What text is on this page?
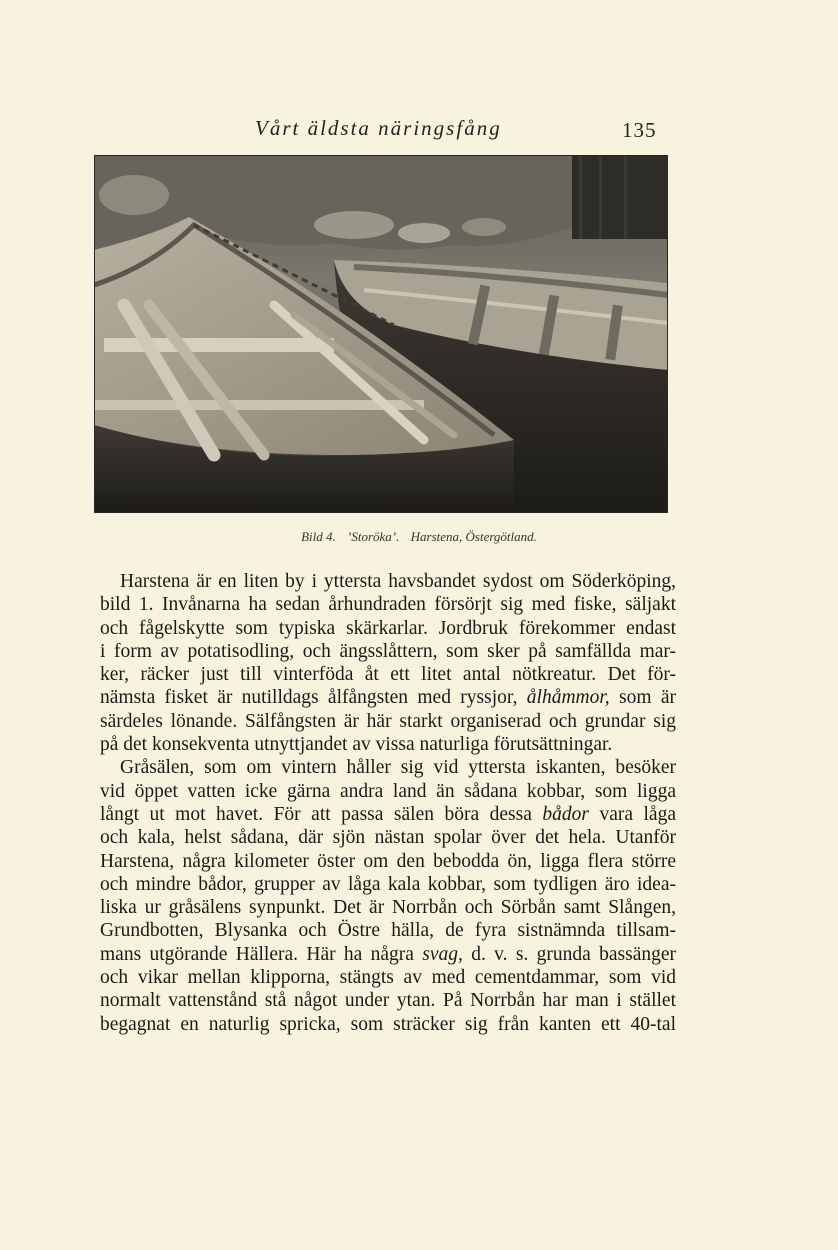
Vårt äldsta näringsfång	135
Bild 4. ’Storöka’. Harstena, Östergötland.

Harstena är en liten by i yttersta havsbandet sydost om Söderköping,

bild 1. Invånarna ha sedan århundraden försörjt sig med fiske, säljakt

och fågelskytte som typiska skärkarlar. Jordbruk förekommer endast

i form av potatisodling, och ängsslåttern, som sker på samfällda mar-

ker, räcker just till vinterföda åt ett litet antal nötkreatur. Det för-

nämsta fisket är nutilldags ålfångsten med ryssjor, ålhåmmor, som är

särdeles lönande. Sälfångsten är här starkt organiserad och grundar sig

på det konsekventa utnyttjandet av vissa naturliga förutsättningar.

Gråsälen, som om vintern håller sig vid yttersta iskanten, besöker

vid öppet vatten icke gärna andra land än sådana kobbar, som ligga

långt ut mot havet. För att passa sälen böra dessa bådor vara låga

och kala, helst sådana, där sjön nästan spolar över det hela. Utanför

Harstena, några kilometer öster om den bebodda ön, ligga flera större

och mindre bådor, grupper av låga kala kobbar, som tydligen äro idea-

liska ur gråsälens synpunkt. Det är Norrbån och Sörbån samt Slången,

Grundbotten, Blysanka och Östre hälla, de fyra sistnämnda tillsam-

mans utgörande Hällera. Här ha några svag, d. v. s. grunda bassänger

och vikar mellan klipporna, stängts av med cementdammar, som vid

normalt vattenstånd stå något under ytan. På Norrbån har man i stället

begagnat en naturlig spricka, som sträcker sig från kanten ett 40-tal
